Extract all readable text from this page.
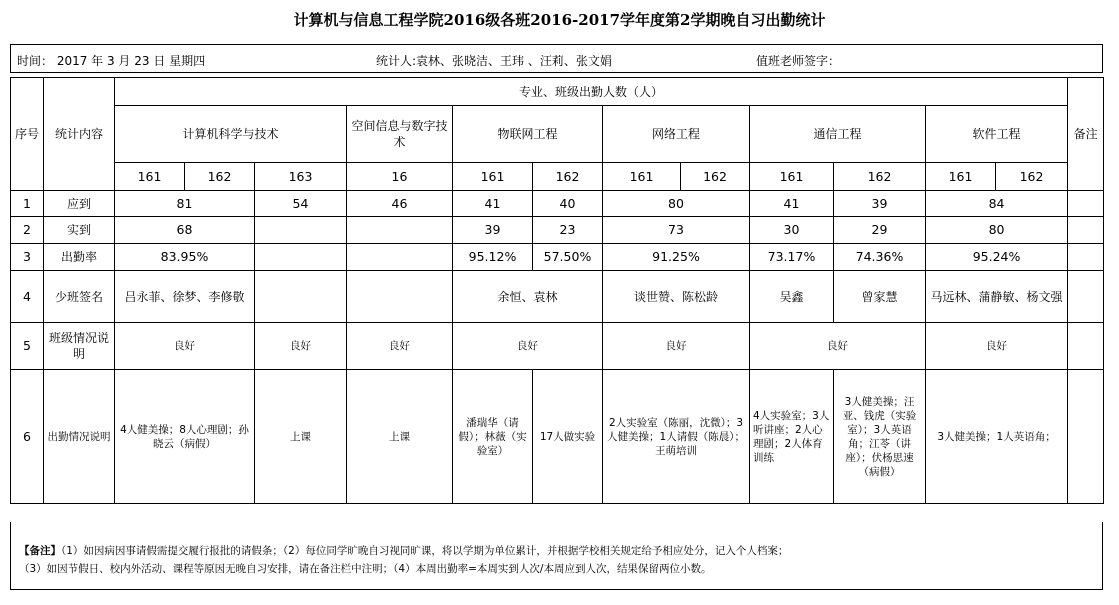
计算机与信息工程学院2016级各班2016-2017学年度第2学期晚自习出勤统计
时间： 2017 年 3 月 23 日 星期四	统计人:袁林、张晓洁、王玮 、汪莉、张文娟	值班老师签字：
序号	统计内容	专业、班级出勤人数（人）												备注
		计算机科学与技术			空间信息与数字技术	物联网工程		网络工程		通信工程		软件工程		
		161	162	163	16	161	162	161	162	161	162	161	162	
1	应到	81		54	46	41	40	80		41	39	84		
2	实到	68				39	23	73		30	29	80		
3	出勤率	83.95%				95.12%	57.50%	91.25%		73.17%	74.36%	95.24%		
4	少班签名	吕永菲、徐梦、李修敬				余恒、袁林		谈世赞、陈松龄		吴鑫	曾家慧	马远林、蒲静敏、杨文强		
5	班级情况说明	良好		良好	良好	良好		良好		良好		良好		
6	出勤情况说明	4人健美操；8人心理剧；孙晓云（病假）		上课	上课	潘瑞华（请假）；林薇（实验室）	17人做实验	2人实验室（陈丽，沈微）；3人健美操；1人请假（陈晨）；王萌培训		4人实验室；3人听讲座；2人心理剧；2人体育训练	3人健美操；汪亚、钱虎（实验室）；3人英语角；江苓（讲座）；伏杨思速（病假）	3人健美操；1人英语角；		
【备注】（1）如因病因事请假需提交履行报批的请假条；（2）每位同学旷晚自习视同旷课，将以学期为单位累计，并根据学校相关规定给予相应处分，记入个人档案；
（3）如因节假日、校内外活动、课程等原因无晚自习安排，请在备注栏中注明；（4）本周出勤率=本周实到人次/本周应到人次，结果保留两位小数。
